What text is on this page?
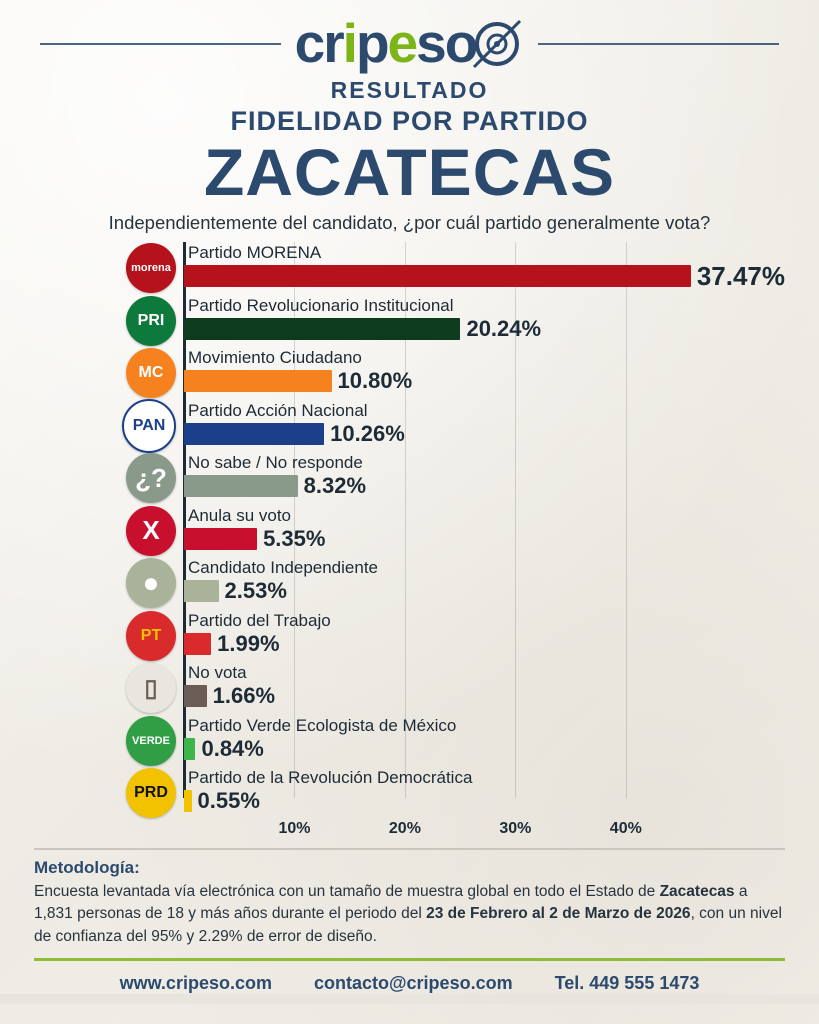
c r i p e s o
RESULTADO
FIDELIDAD POR PARTIDO
ZACATECAS
Independientemente del candidato, ¿por cuál partido generalmente vota?
morena
Partido MORENA
37.47%
PRI
Partido Revolucionario Institucional
20.24%
MC
Movimiento Ciudadano
10.80%
PAN
Partido Acción Nacional
10.26%
¿?	No sabe / No responde
8.32%
X	Anula su voto
5.35%
●	Candidato Independiente
2.53%
PT
Partido del Trabajo
1.99%
▯
No vota
1.66%
VERDE
Partido Verde Ecologista de México
0.84%
PRD
Partido de la Revolución Democrática
0.55%
10%	20%	30%	40%
Metodología:
Encuesta levantada vía electrónica con un tamaño de muestra global en todo el Estado de Zacatecas a 1,831 personas de 18 y más años durante el periodo del 23 de Febrero al 2 de Marzo de 2026, con un nivel de confianza del 95% y 2.29% de error de diseño.
www.cripeso.com contacto@cripeso.com Tel. 449 555 1473
